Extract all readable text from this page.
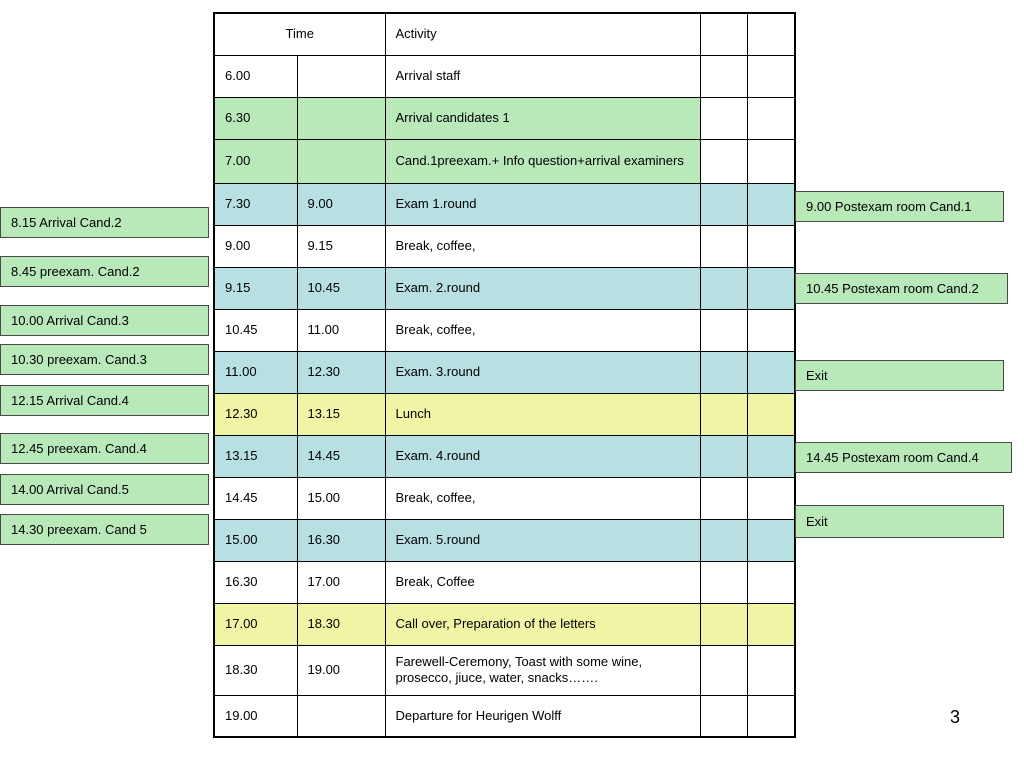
Time		Activity		
6.00		Arrival staff		
6.30		Arrival candidates 1		
7.00		Cand.1preexam.+ Info question+arrival examiners		
7.30	9.00	Exam 1.round		
9.00	9.15	Break, coffee,		
9.15	10.45	Exam. 2.round		
10.45	11.00	Break, coffee,		
11.00	12.30	Exam. 3.round		
12.30	13.15	Lunch		
13.15	14.45	Exam. 4.round		
14.45	15.00	Break, coffee,		
15.00	16.30	Exam. 5.round		
16.30	17.00	Break, Coffee		
17.00	18.30	Call over, Preparation of the letters		
18.30	19.00	Farewell-Ceremony, Toast with some wine, prosecco, jiuce, water, snacks…….		
19.00		Departure for Heurigen Wolff		
8.15 Arrival Cand.2
8.45 preexam. Cand.2
10.00 Arrival Cand.3
10.30 preexam. Cand.3
12.15 Arrival Cand.4
12.45 preexam. Cand.4
14.00 Arrival Cand.5
14.30 preexam. Cand 5
9.00 Postexam room Cand.1
10.45 Postexam room Cand.2
Exit
14.45 Postexam room Cand.4
Exit
3
